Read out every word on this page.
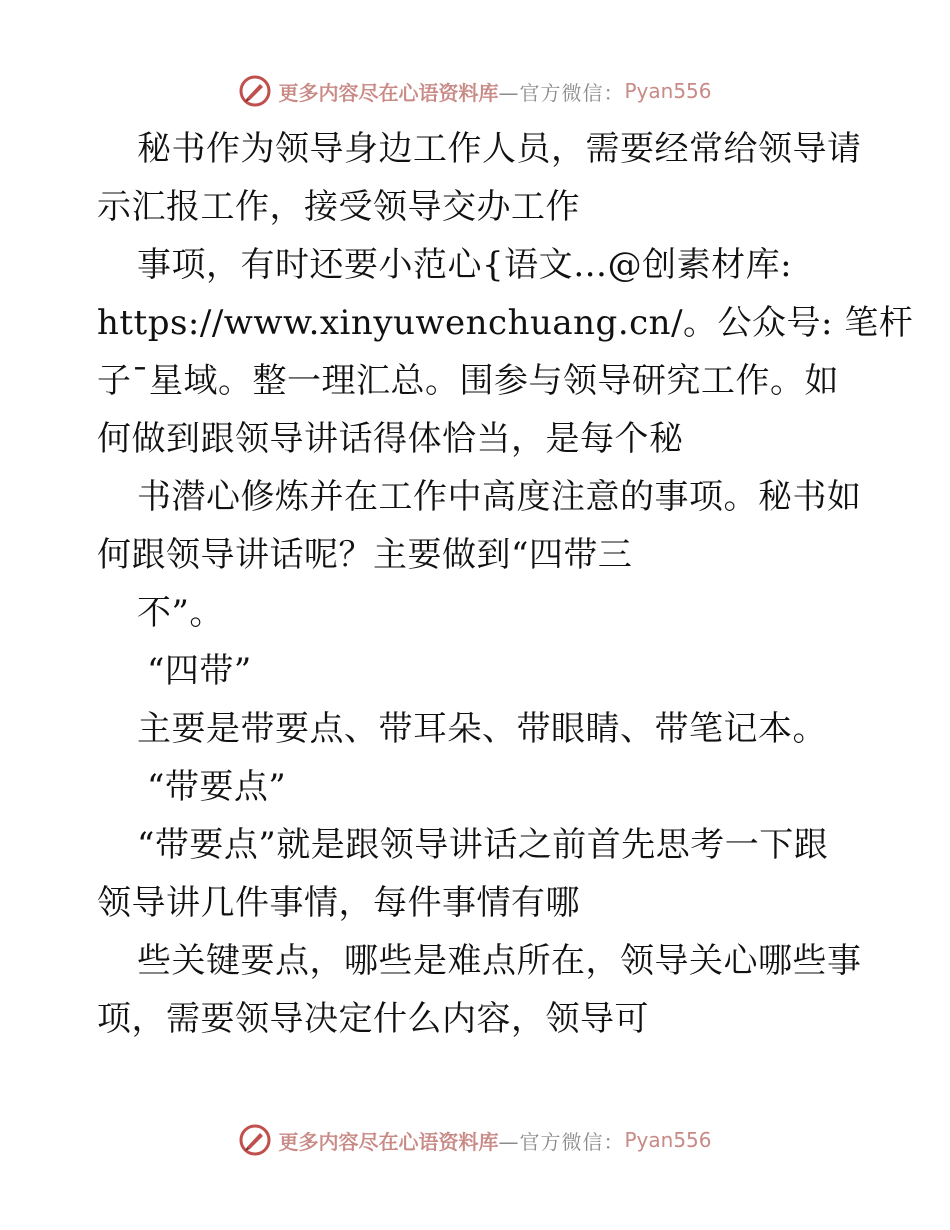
更多内容尽在心语资料库 —官方微信： Pyan556
秘书作为领导身边工作人员，需要经常给领导请
示汇报工作，接受领导交办工作
事项，有时还要小范心{语文…@创素材库:
https://www.xinyuwenchuang.cn/。公众号: 笔杆
子¯星域。整一理汇总。围参与领导研究工作。如
何做到跟领导讲话得体恰当，是每个秘
书潜心修炼并在工作中高度注意的事项。秘书如
何跟领导讲话呢？主要做到“四带三
不”。
“四带”
主要是带要点、带耳朵、带眼睛、带笔记本。
“带要点”
“带要点”就是跟领导讲话之前首先思考一下跟
领导讲几件事情，每件事情有哪
些关键要点，哪些是难点所在，领导关心哪些事
项，需要领导决定什么内容，领导可
更多内容尽在心语资料库 —官方微信： Pyan556
